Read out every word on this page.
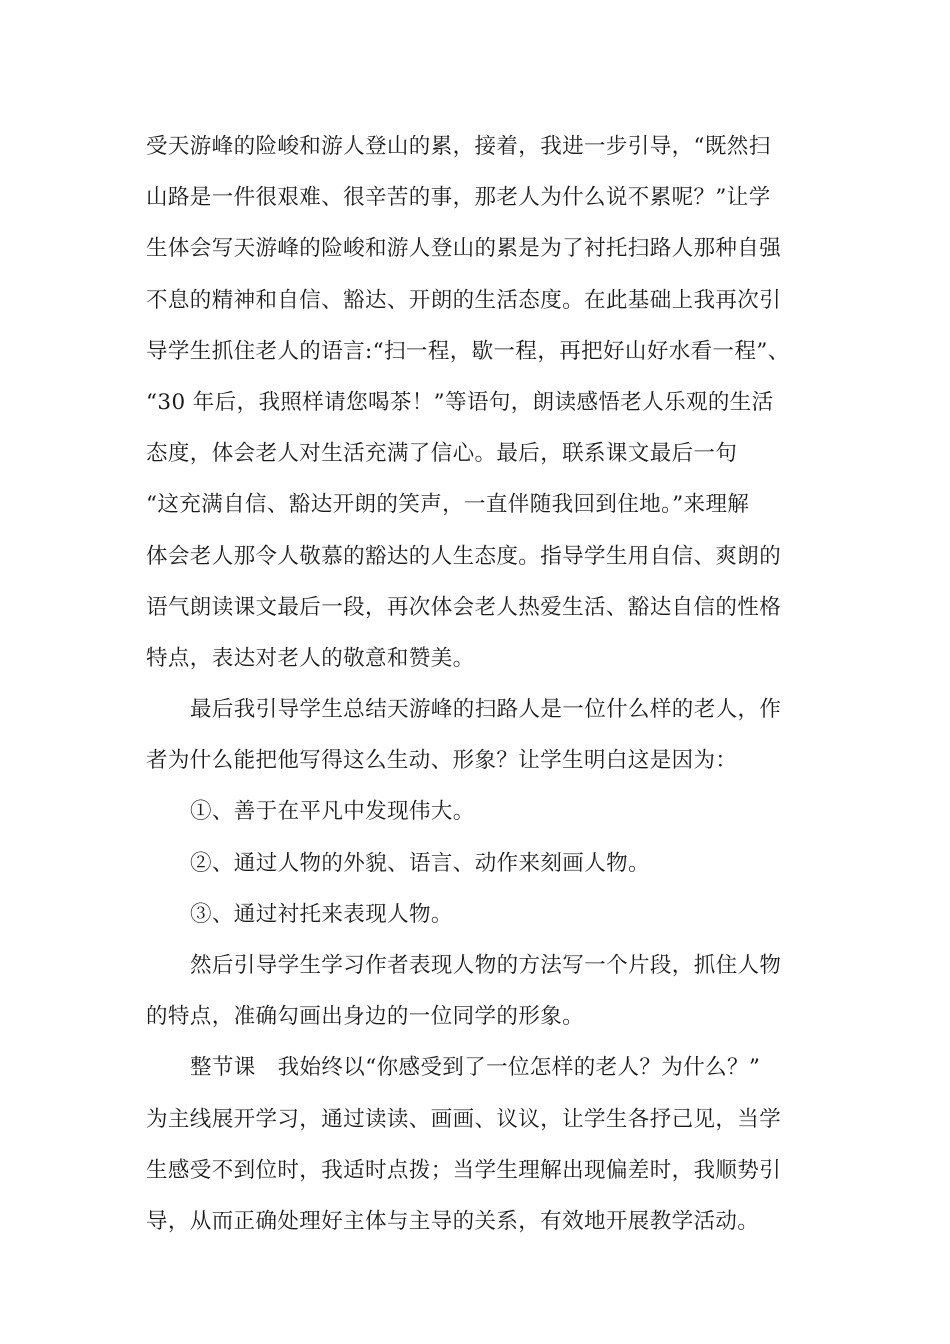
受天游峰的险峻和游人登山的累，接着，我进一步引导，“既然扫
山路是一件很艰难、很辛苦的事，那老人为什么说不累呢？”让学
生体会写天游峰的险峻和游人登山的累是为了衬托扫路人那种自强
不息的精神和自信、豁达、开朗的生活态度。在此基础上我再次引
导学生抓住老人的语言:“扫一程，歇一程，再把好山好水看一程”、
“30 年后，我照样请您喝茶！”等语句，朗读感悟老人乐观的生活
态度，体会老人对生活充满了信心。最后，联系课文最后一句
“这充满自信、豁达开朗的笑声，一直伴随我回到住地。”来理解
体会老人那令人敬慕的豁达的人生态度。指导学生用自信、爽朗的
语气朗读课文最后一段，再次体会老人热爱生活、豁达自信的性格
特点，表达对老人的敬意和赞美。
最后我引导学生总结天游峰的扫路人是一位什么样的老人，作
者为什么能把他写得这么生动、形象？让学生明白这是因为：
①、善于在平凡中发现伟大。
②、通过人物的外貌、语言、动作来刻画人物。
③、通过衬托来表现人物。
然后引导学生学习作者表现人物的方法写一个片段，抓住人物
的特点，准确勾画出身边的一位同学的形象。
整节课　我始终以“你感受到了一位怎样的老人？为什么？”
为主线展开学习，通过读读、画画、议议，让学生各抒己见，当学
生感受不到位时，我适时点拨；当学生理解出现偏差时，我顺势引
导，从而正确处理好主体与主导的关系，有效地开展教学活动。
